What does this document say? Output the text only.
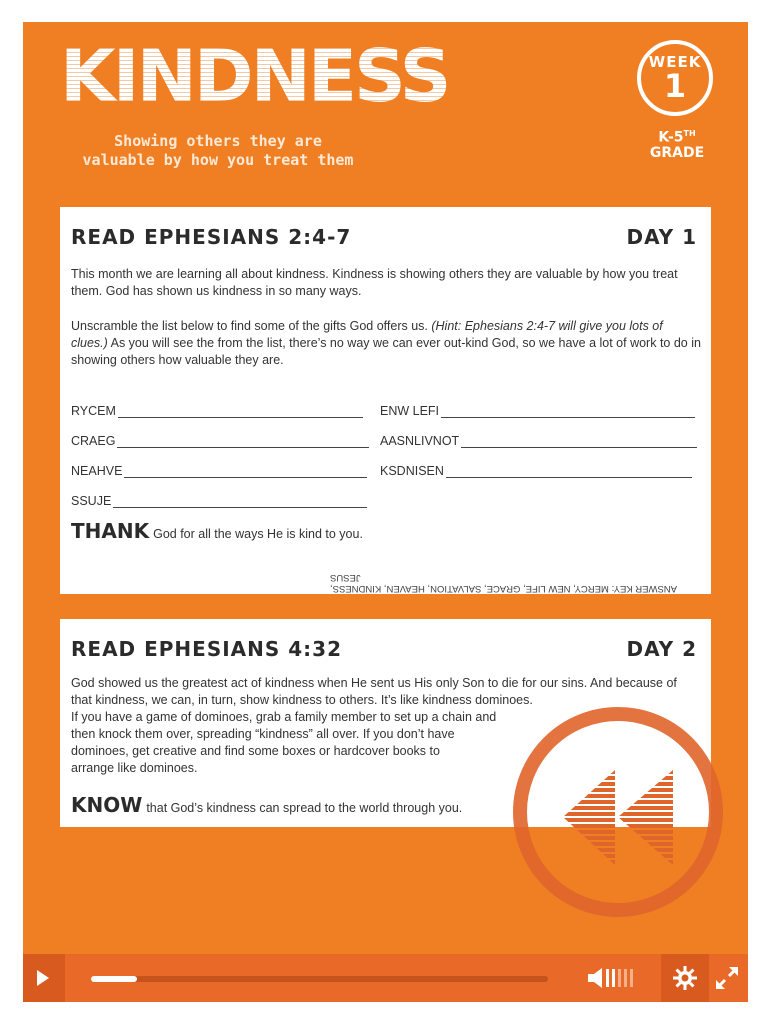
KINDNESS
Showing others they are
valuable by how you treat them
WEEK
1
K-5TH
GRADE
READ EPHESIANS 2:4-7	DAY 1
This month we are learning all about kindness. Kindness is showing others they are valuable by how you treat them. God has shown us kindness in so many ways.
Unscramble the list below to find some of the gifts God offers us. (Hint: Ephesians 2:4-7 will give you lots of clues.) As you will see the from the list, there’s no way we can ever out-kind God, so we have a lot of work to do in showing others how valuable they are.
RYCEM	ENW LEFI
CRAEG	AASNLIVNOT
NEAHVE	KSDNISEN
SSUJE
THANK God for all the ways He is kind to you.
ANSWER KEY: MERCY, NEW LIFE, GRACE, SALVATION, HEAVEN, KINDNESS, JESUS
READ EPHESIANS 4:32	DAY 2
God showed us the greatest act of kindness when He sent us His only Son to die for our sins. And because of that kindness, we can, in turn, show kindness to others. It’s like kindness dominoes.
If you have a game of dominoes, grab a family member to set up a chain and
then knock them over, spreading “kindness” all over. If you don’t have
dominoes, get creative and find some boxes or hardcover books to
arrange like dominoes.
KNOW that God’s kindness can spread to the world through you.
